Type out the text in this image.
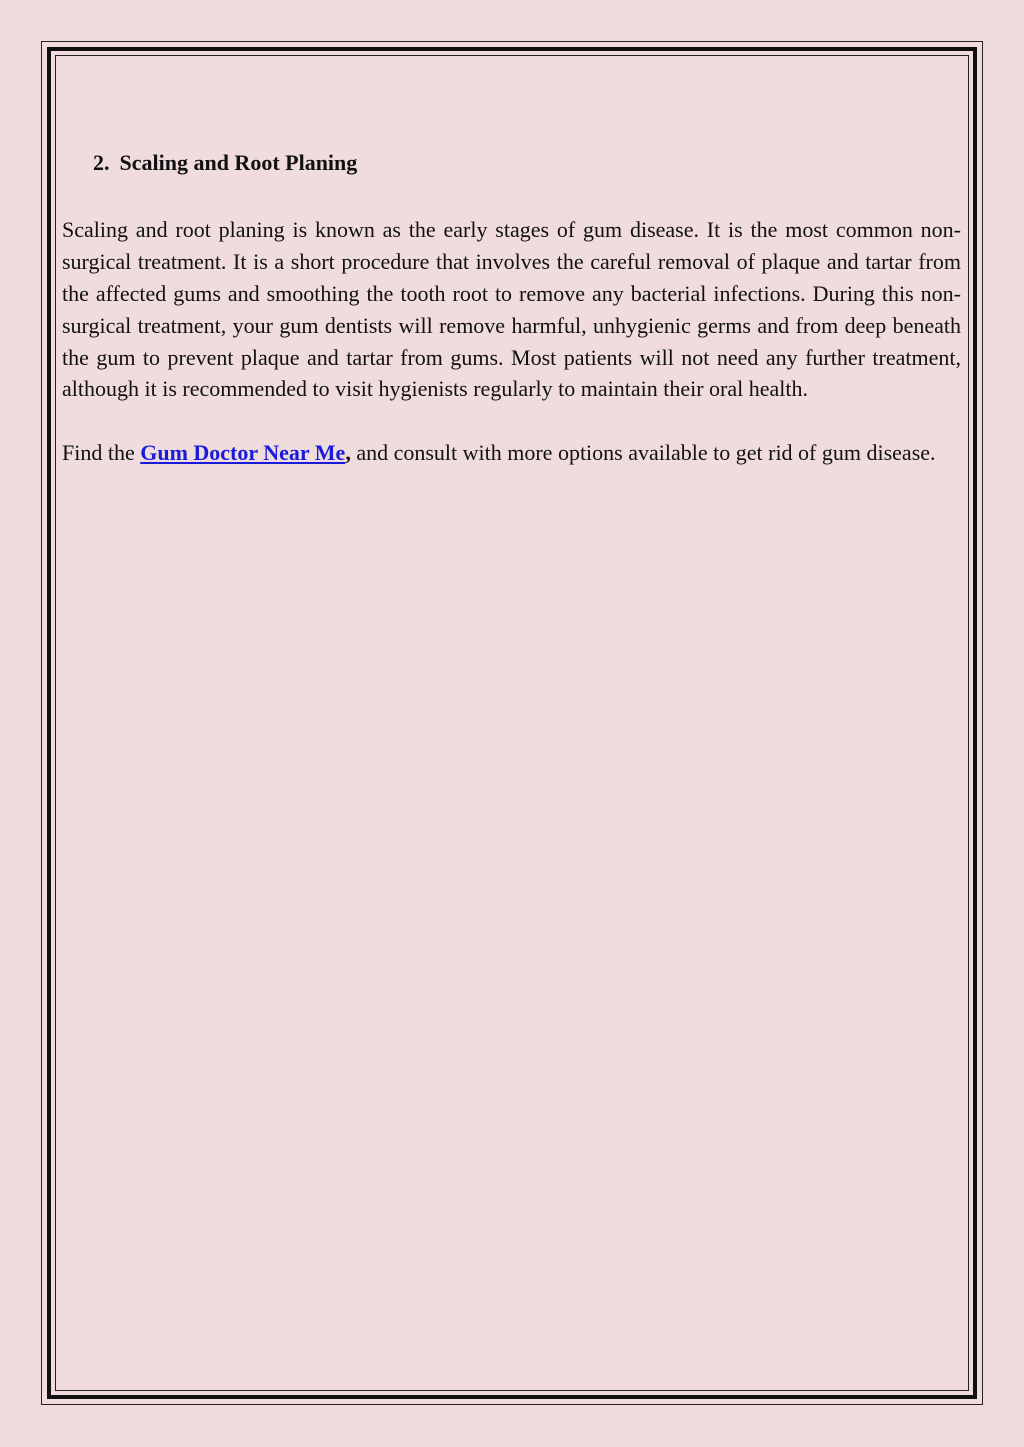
2. Scaling and Root Planing

Scaling and root planing is known as the early stages of gum disease. It is the most common non-surgical treatment. It is a short procedure that involves the careful removal of plaque and tartar from the affected gums and smoothing the tooth root to remove any bacterial infections. During this non-surgical treatment, your gum dentists will remove harmful, unhygienic germs and from deep beneath the gum to prevent plaque and tartar from gums. Most patients will not need any further treatment, although it is recommended to visit hygienists regularly to maintain their oral health.

Find the Gum Doctor Near Me, and consult with more options available to get rid of gum disease.
